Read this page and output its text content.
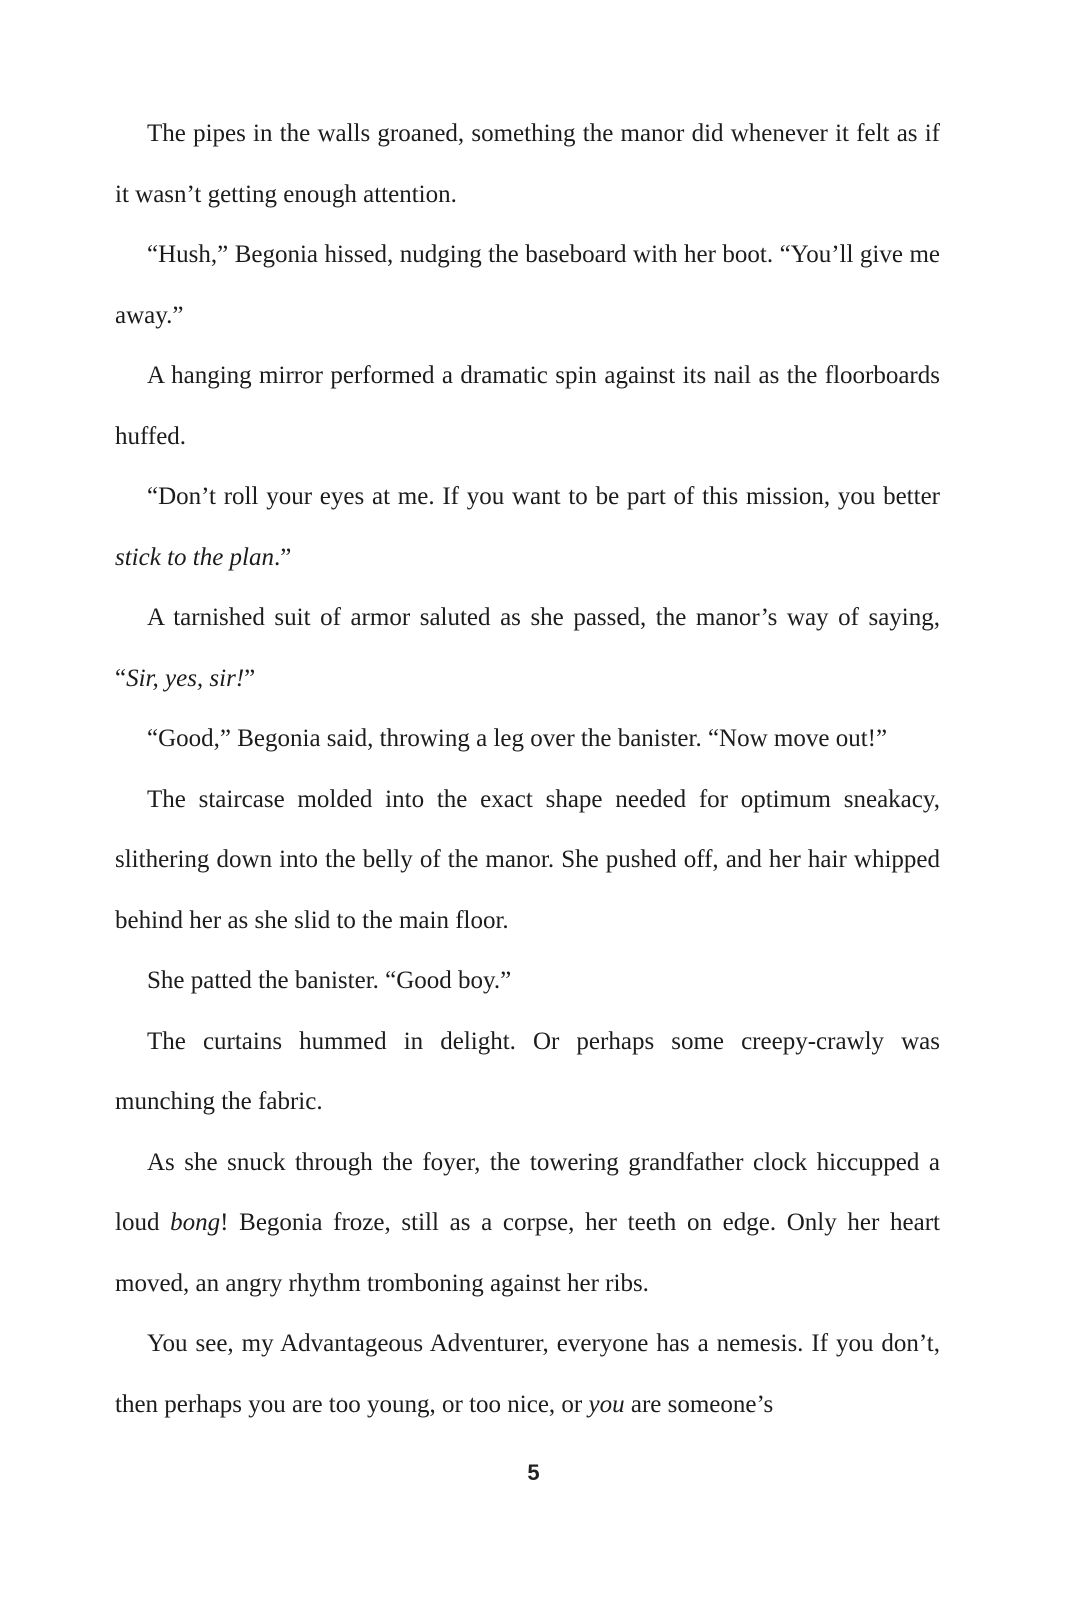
The pipes in the walls groaned, something the manor did whenever it felt as if it wasn’t getting enough attention.

“Hush,” Begonia hissed, nudging the baseboard with her boot. “You’ll give me away.”

A hanging mirror performed a dramatic spin against its nail as the floorboards huffed.

“Don’t roll your eyes at me. If you want to be part of this mission, you better stick to the plan.”

A tarnished suit of armor saluted as she passed, the manor’s way of saying, “Sir, yes, sir!”

“Good,” Begonia said, throwing a leg over the banister. “Now move out!”

The staircase molded into the exact shape needed for optimum sneakacy, slithering down into the belly of the manor. She pushed off, and her hair whipped behind her as she slid to the main floor.

She patted the banister. “Good boy.”

The curtains hummed in delight. Or perhaps some creepy-crawly was munching the fabric.

As she snuck through the foyer, the towering grandfather clock hiccupped a loud bong! Begonia froze, still as a corpse, her teeth on edge. Only her heart moved, an angry rhythm tromboning against her ribs.

You see, my Advantageous Adventurer, everyone has a nemesis. If you don’t, then perhaps you are too young, or too nice, or you are someone’s

5
